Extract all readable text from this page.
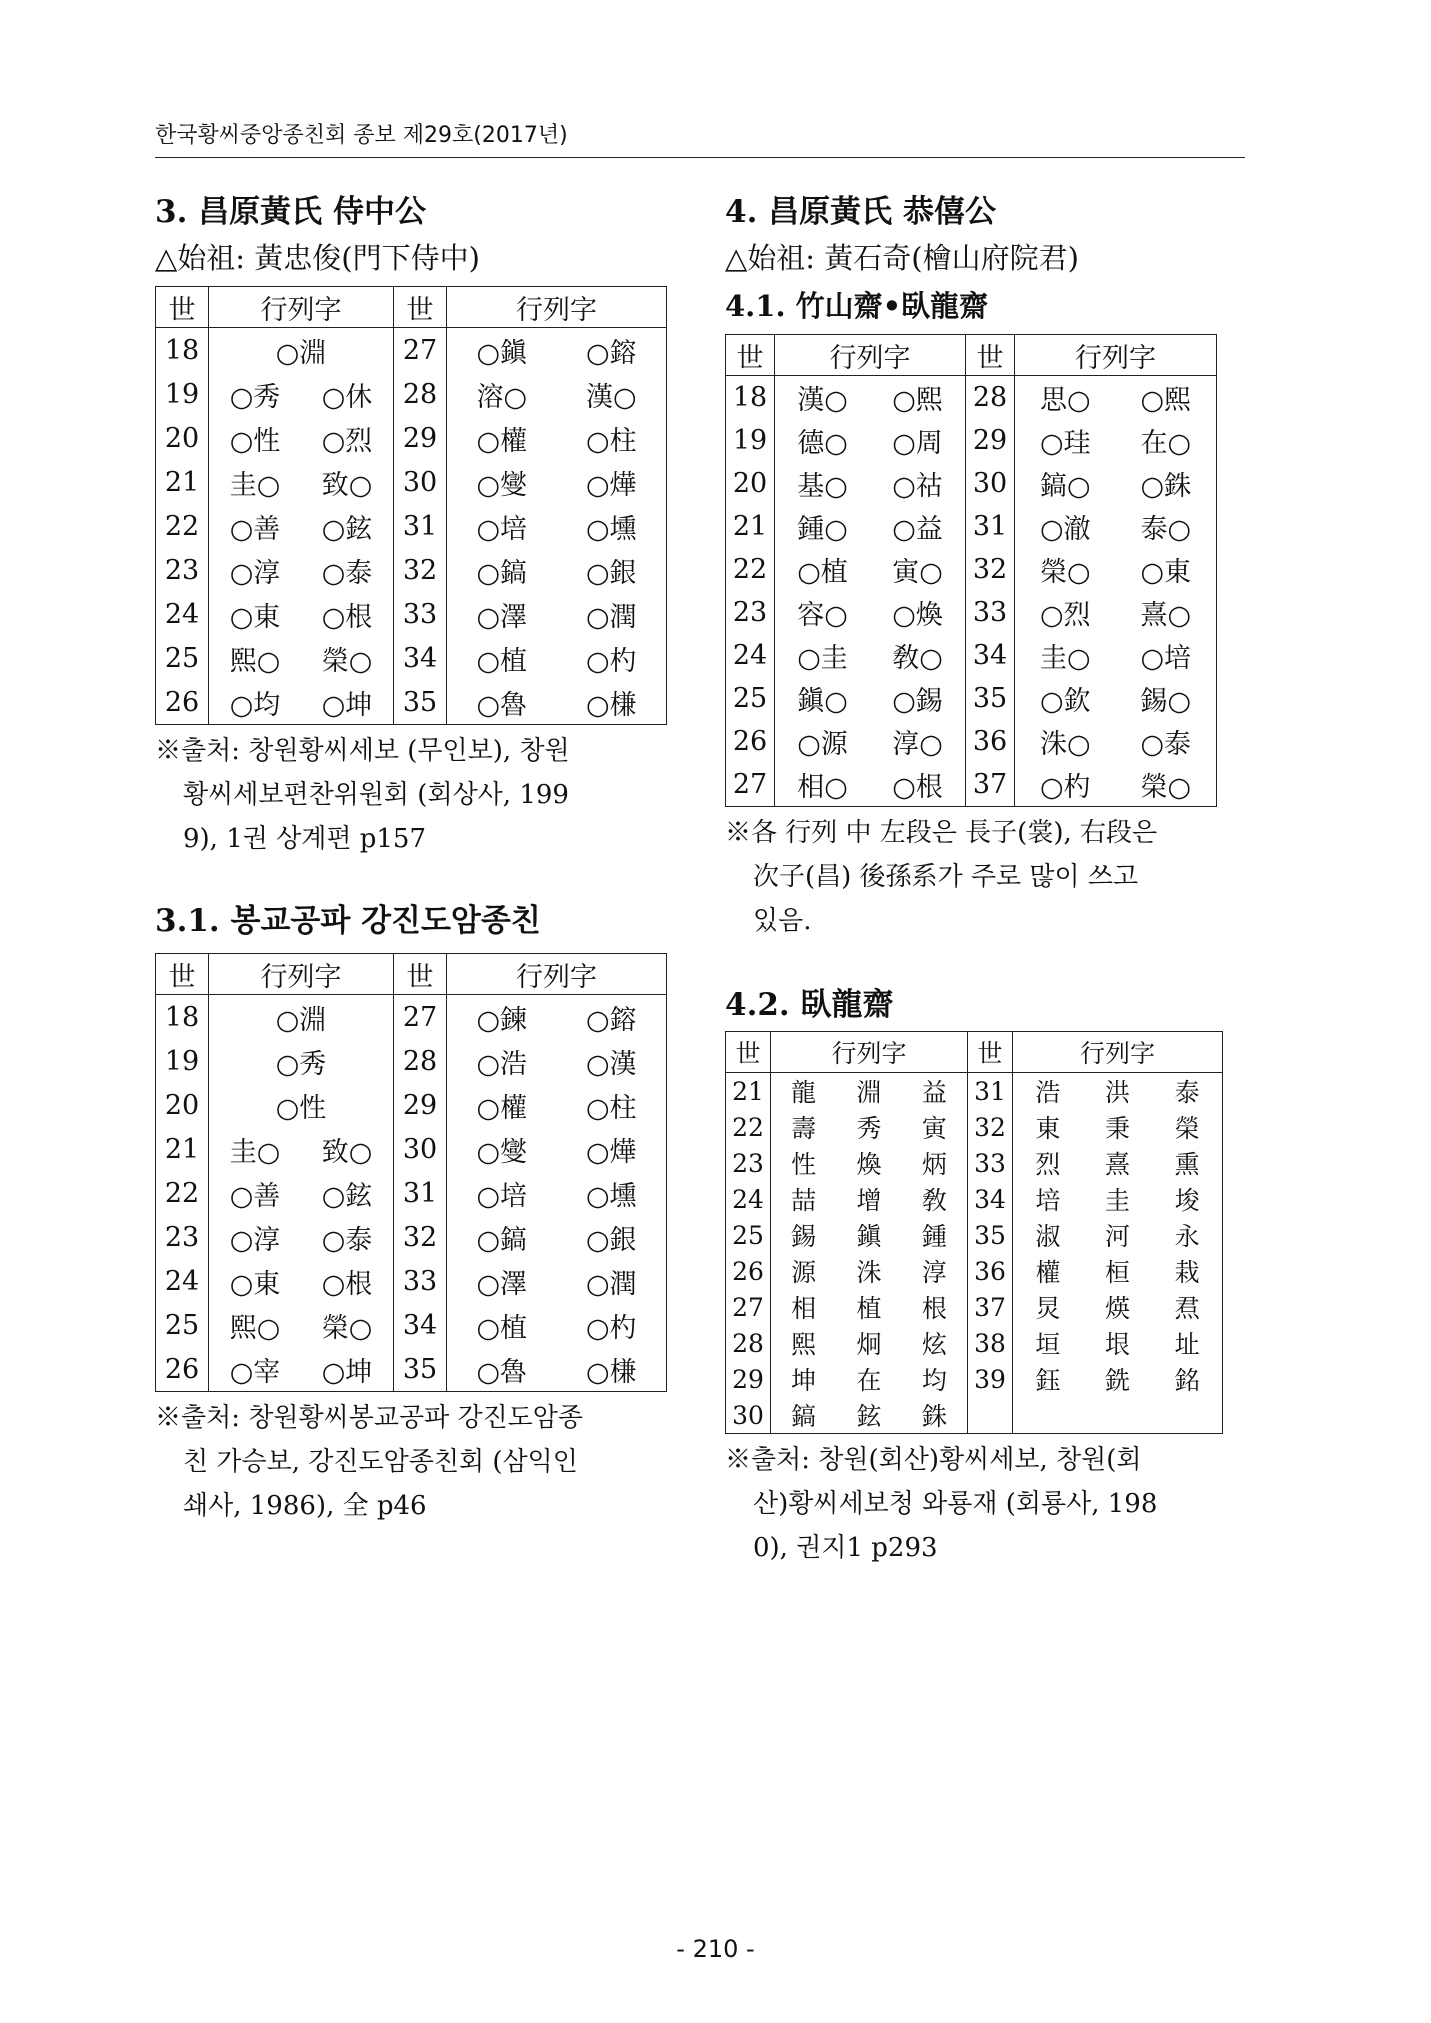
한국황씨중앙종친회 종보 제29호(2017년)
3. 昌原黃氏 侍中公
△始祖: 黃忠俊(門下侍中)
世	行列字	世	行列字
18	○淵	27	○鎭 ○鎔

19	○秀 ○休	28	溶○ 漢○

20	○性 ○烈	29	○權 ○柱

21	圭○ 致○	30	○燮 ○燁

22	○善 ○鉉	31	○培 ○壎

23	○淳 ○泰	32	○鎬 ○銀

24	○東 ○根	33	○澤 ○潤

25	熙○ 榮○	34	○植 ○杓

26	○均 ○坤	35	○魯 ○槏
※출처: 창원황씨세보 (무인보), 창원
황씨세보편찬위원회 (회상사, 199
9), 1권 상계편 p157
3.1. 봉교공파 강진도암종친
世	行列字	世	行列字
18	○淵	27	○鍊 ○鎔

19	○秀	28	○浩 ○漢

20	○性	29	○權 ○柱

21	圭○ 致○	30	○燮 ○燁

22	○善 ○鉉	31	○培 ○壎

23	○淳 ○泰	32	○鎬 ○銀

24	○東 ○根	33	○澤 ○潤

25	熙○ 榮○	34	○植 ○杓

26	○宰 ○坤	35	○魯 ○槏
※출처: 창원황씨봉교공파 강진도암종
친 가승보, 강진도암종친회 (삼익인
쇄사, 1986), 全 p46
4. 昌原黃氏 恭僖公
△始祖: 黃石奇(檜山府院君)
4.1. 竹山齋•臥龍齋
世	行列字	世	行列字
18	漢○ ○熙	28	思○ ○熙

19	德○ ○周	29	○珪 在○

20	基○ ○祜	30	鎬○ ○銖

21	鍾○ ○益	31	○澈 泰○

22	○植 寅○	32	榮○ ○東

23	容○ ○煥	33	○烈 熹○

24	○圭 敎○	34	圭○ ○培

25	鎭○ ○錫	35	○欽 錫○

26	○源 淳○	36	洙○ ○泰

27	相○ ○根	37	○杓 榮○
※各 行列 中 左段은 長子(裳), 右段은
次子(昌) 後孫系가 주로 많이 쓰고
있음.
4.2. 臥龍齋
世	行列字	世	行列字
21	龍 淵 益	31	浩 洪 泰

22	壽 秀 寅	32	東 秉 榮

23	性 煥 炳	33	烈 熹 熏

24	喆 增 敎	34	培 圭 埈

25	錫 鎭 鍾	35	淑 河 永

26	源 洙 淳	36	權 桓 栽

27	相 植 根	37	炅 煐 焄

28	熙 炯 炫	38	垣 垠 址

29	坤 在 均	39	鈺 銑 銘

30	鎬 鉉 銖		

※출처: 창원(회산)황씨세보, 창원(회
산)황씨세보청 와룡재 (회룡사, 198
0), 권지1 p293
- 210 -
